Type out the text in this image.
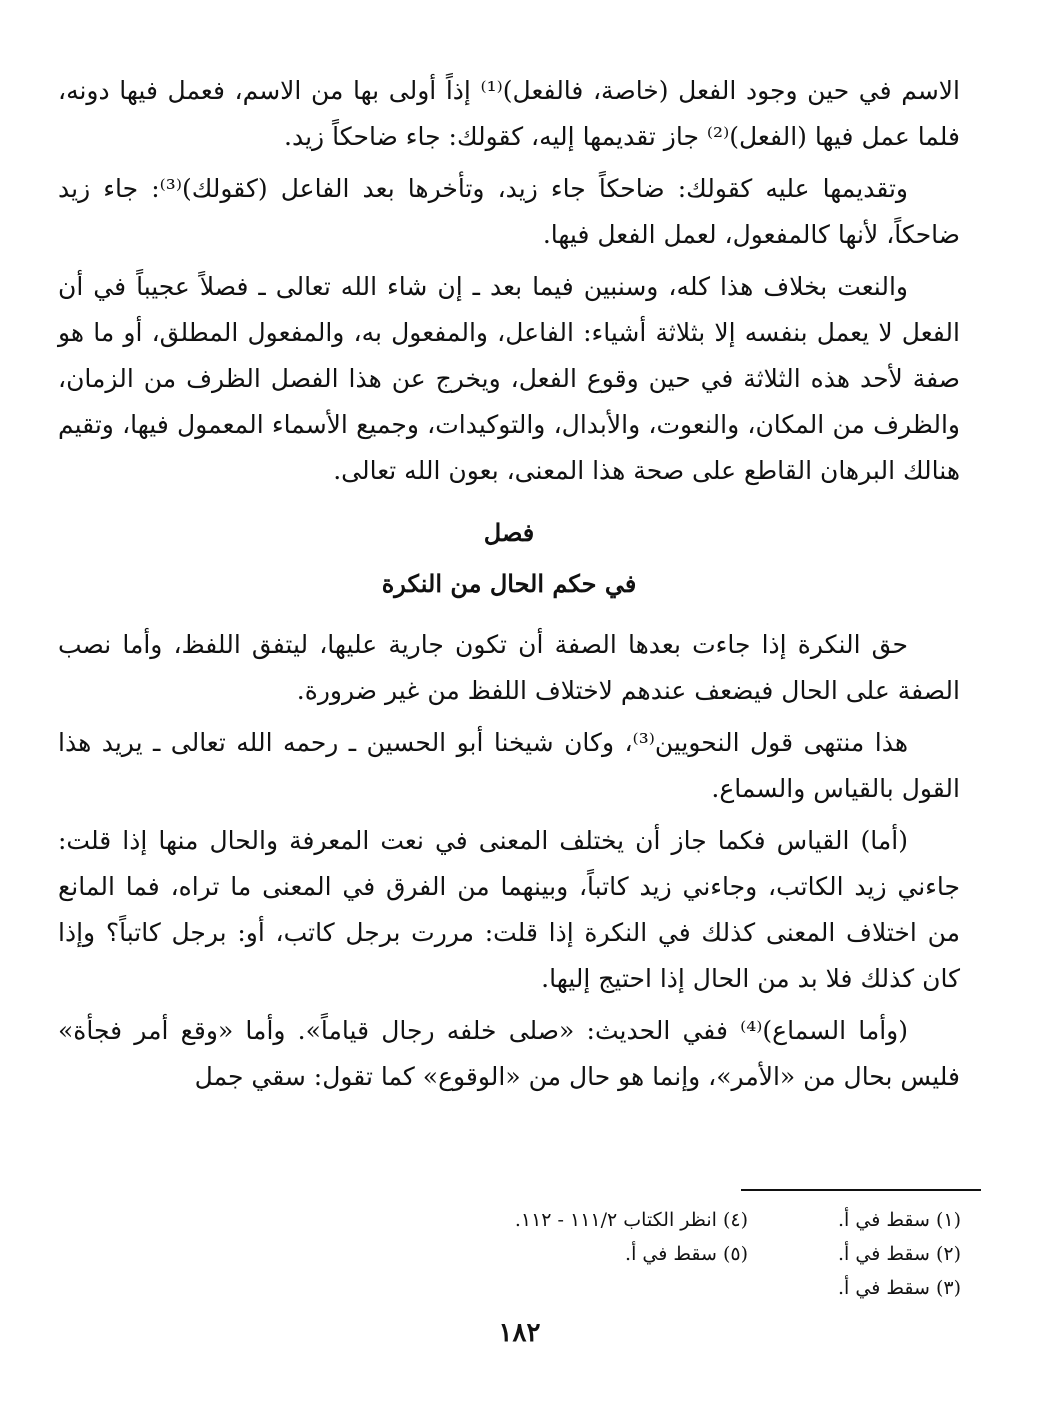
الاسم في حين وجود الفعل (خاصة، فالفعل)⁽¹⁾ إذاً أولى بها من الاسم، فعمل فيها دونه، فلما عمل فيها (الفعل)⁽²⁾ جاز تقديمها إليه، كقولك: جاء ضاحكاً زيد.

وتقديمها عليه كقولك: ضاحكاً جاء زيد، وتأخرها بعد الفاعل (كقولك)⁽³⁾: جاء زيد ضاحكاً، لأنها كالمفعول، لعمل الفعل فيها.

والنعت بخلاف هذا كله، وسنبين فيما بعد ـ إن شاء الله تعالى ـ فصلاً عجيباً في أن الفعل لا يعمل بنفسه إلا بثلاثة أشياء: الفاعل، والمفعول به، والمفعول المطلق، أو ما هو صفة لأحد هذه الثلاثة في حين وقوع الفعل، ويخرج عن هذا الفصل الظرف من الزمان، والظرف من المكان، والنعوت، والأبدال، والتوكيدات، وجميع الأسماء المعمول فيها، وتقيم هنالك البرهان القاطع على صحة هذا المعنى، بعون الله تعالى.

فصل
في حكم الحال من النكرة

حق النكرة إذا جاءت بعدها الصفة أن تكون جارية عليها، ليتفق اللفظ، وأما نصب الصفة على الحال فيضعف عندهم لاختلاف اللفظ من غير ضرورة.

هذا منتهى قول النحويين⁽³⁾، وكان شيخنا أبو الحسين ـ رحمه الله تعالى ـ يريد هذا القول بالقياس والسماع.

(أما) القياس فكما جاز أن يختلف المعنى في نعت المعرفة والحال منها إذا قلت: جاءني زيد الكاتب، وجاءني زيد كاتباً، وبينهما من الفرق في المعنى ما تراه، فما المانع من اختلاف المعنى كذلك في النكرة إذا قلت: مررت برجل كاتب، أو: برجل كاتباً؟ وإذا كان كذلك فلا بد من الحال إذا احتيج إليها.

(وأما السماع)⁽⁴⁾ ففي الحديث: «صلى خلفه رجال قياماً». وأما «وقع أمر فجأة» فليس بحال من «الأمر»، وإنما هو حال من «الوقوع» كما تقول: سقي جمل

(١) سقط في أ.
(٢) سقط في أ.
(٣) سقط في أ.
(٤) انظر الكتاب ١١١/٢ - ١١٢.
(٥) سقط في أ.
١٨٢
